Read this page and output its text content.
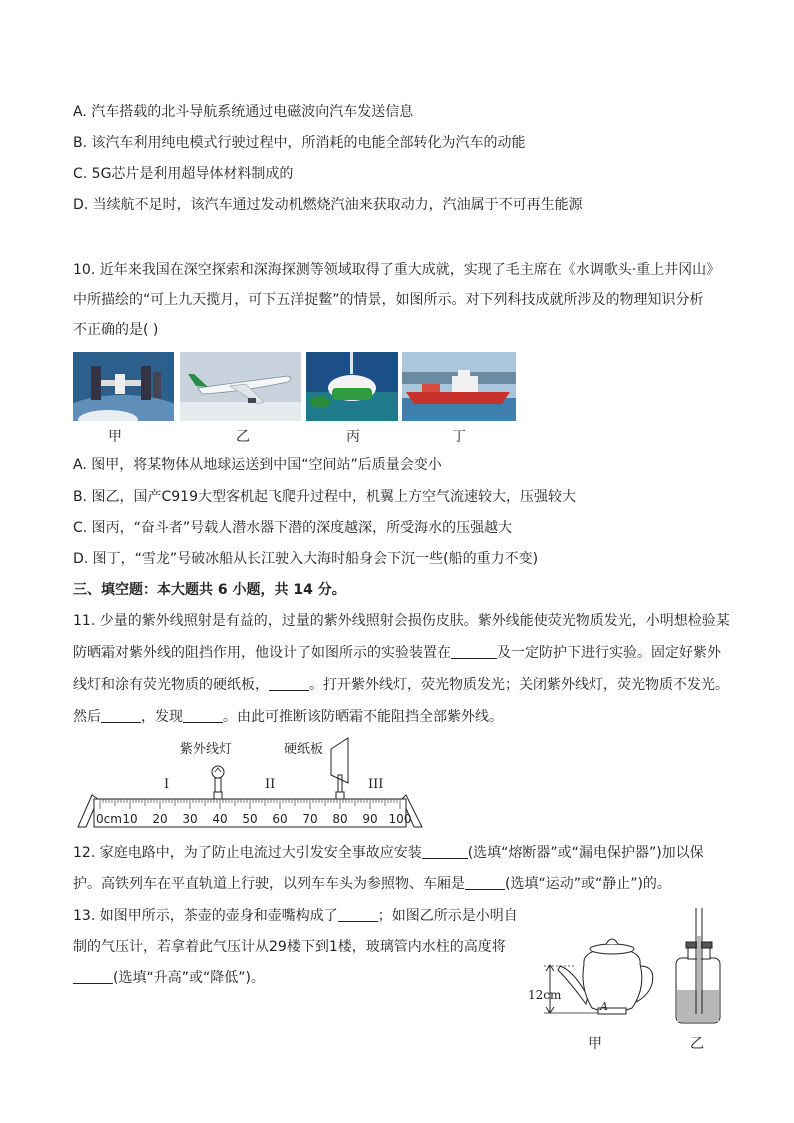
A. 汽车搭载的北斗导航系统通过电磁波向汽车发送信息
B. 该汽车利用纯电模式行驶过程中，所消耗的电能全部转化为汽车的动能
C. 5G芯片是利用超导体材料制成的
D. 当续航不足时，该汽车通过发动机燃烧汽油来获取动力，汽油属于不可再生能源
10. 近年来我国在深空探索和深海探测等领域取得了重大成就，实现了毛主席在《水调歌头·重上井冈山》
中所描绘的“可上九天揽月，可下五洋捉鳖”的情景，如图所示。对下列科技成就所涉及的物理知识分析
不正确的是( )
甲	乙	丙	丁
A. 图甲，将某物体从地球运送到中国“空间站”后质量会变小
B. 图乙，国产C919大型客机起飞爬升过程中，机翼上方空气流速较大，压强较大
C. 图丙，“奋斗者”号载人潜水器下潜的深度越深，所受海水的压强越大
D. 图丁，“雪龙”号破冰船从长江驶入大海时船身会下沉一些(船的重力不变)
三、填空题：本大题共 6 小题，共 14 分。
11. 少量的紫外线照射是有益的，过量的紫外线照射会损伤皮肤。紫外线能使荧光物质发光，小明想检验某
防晒霜对紫外线的阻挡作用，他设计了如图所示的实验装置在	及一定防护下进行实验。固定好紫外
线灯和涂有荧光物质的硬纸板，	。打开紫外线灯，荧光物质发光；关闭紫外线灯，荧光物质不发光。
然后	，发现	。由此可推断该防晒霜不能阻挡全部紫外线。
紫外线灯	硬纸板
I	II	III
0cm 10 20 30 40 50 60 70 80 90 100
12. 家庭电路中，为了防止电流过大引发安全事故应安装	(选填“熔断器”或“漏电保护器”)加以保
护。高铁列车在平直轨道上行驶，以列车车头为参照物、车厢是	(选填“运动”或“静止”)的。
13. 如图甲所示，茶壶的壶身和壶嘴构成了	；如图乙所示是小明自
制的气压计，若拿着此气压计从29楼下到1楼，玻璃管内水柱的高度将
(选填“升高”或“降低”)。
12cm
A
甲	乙
